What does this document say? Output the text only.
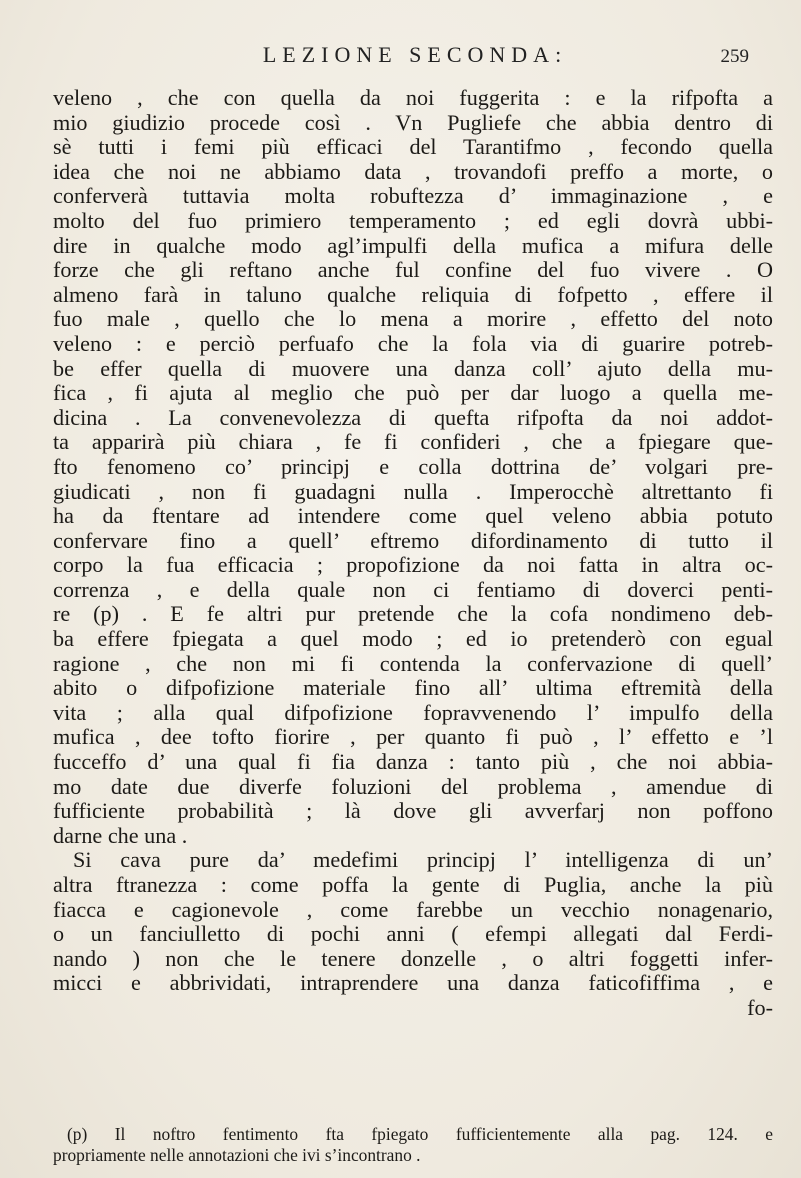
LEZIONE SECONDA:	259
veleno , che con quella da noi fuggerita : e la rifpofta a
mio giudizio procede così . Vn Pugliefe che abbia dentro di
sè tutti i femi più efficaci del Tarantifmo , fecondo quella
idea che noi ne abbiamo data , trovandofi preffo a morte, o
conferverà tuttavia molta robuftezza d’ immaginazione , e
molto del fuo primiero temperamento ; ed egli dovrà ubbi-
dire in qualche modo agl’impulfi della mufica a mifura delle
forze che gli reftano anche ful confine del fuo vivere . O
almeno farà in taluno qualche reliquia di fofpetto , effere il
fuo male , quello che lo mena a morire , effetto del noto
veleno : e perciò perfuafo che la fola via di guarire potreb-
be effer quella di muovere una danza coll’ ajuto della mu-
fica , fi ajuta al meglio che può per dar luogo a quella me-
dicina . La convenevolezza di quefta rifpofta da noi addot-
ta apparirà più chiara , fe fi confideri , che a fpiegare que-
fto fenomeno co’ principj e colla dottrina de’ volgari pre-
giudicati , non fi guadagni nulla . Imperocchè altrettanto fi
ha da ftentare ad intendere come quel veleno abbia potuto
confervare fino a quell’ eftremo difordinamento di tutto il
corpo la fua efficacia ; propofizione da noi fatta in altra oc-
correnza , e della quale non ci fentiamo di doverci penti-
re (p) . E fe altri pur pretende che la cofa nondimeno deb-
ba effere fpiegata a quel modo ; ed io pretenderò con egual
ragione , che non mi fi contenda la confervazione di quell’
abito o difpofizione materiale fino all’ ultima eftremità della
vita ; alla qual difpofizione fopravvenendo l’ impulfo della
mufica , dee tofto fiorire , per quanto fi può , l’ effetto e ’l
fucceffo d’ una qual fi fia danza : tanto più , che noi abbia-
mo date due diverfe foluzioni del problema , amendue di
fufficiente probabilità ; là dove gli avverfarj non poffono
darne che una .
Si cava pure da’ medefimi principj l’ intelligenza di un’
altra ftranezza : come poffa la gente di Puglia, anche la più
fiacca e cagionevole , come farebbe un vecchio nonagenario,
o un fanciulletto di pochi anni ( efempi allegati dal Ferdi-
nando ) non che le tenere donzelle , o altri foggetti infer-
micci e abbrividati, intraprendere una danza faticofiffima , e
fo-
(p) Il noftro fentimento fta fpiegato fufficientemente alla pag. 124. e
propriamente nelle annotazioni che ivi s’incontrano .
